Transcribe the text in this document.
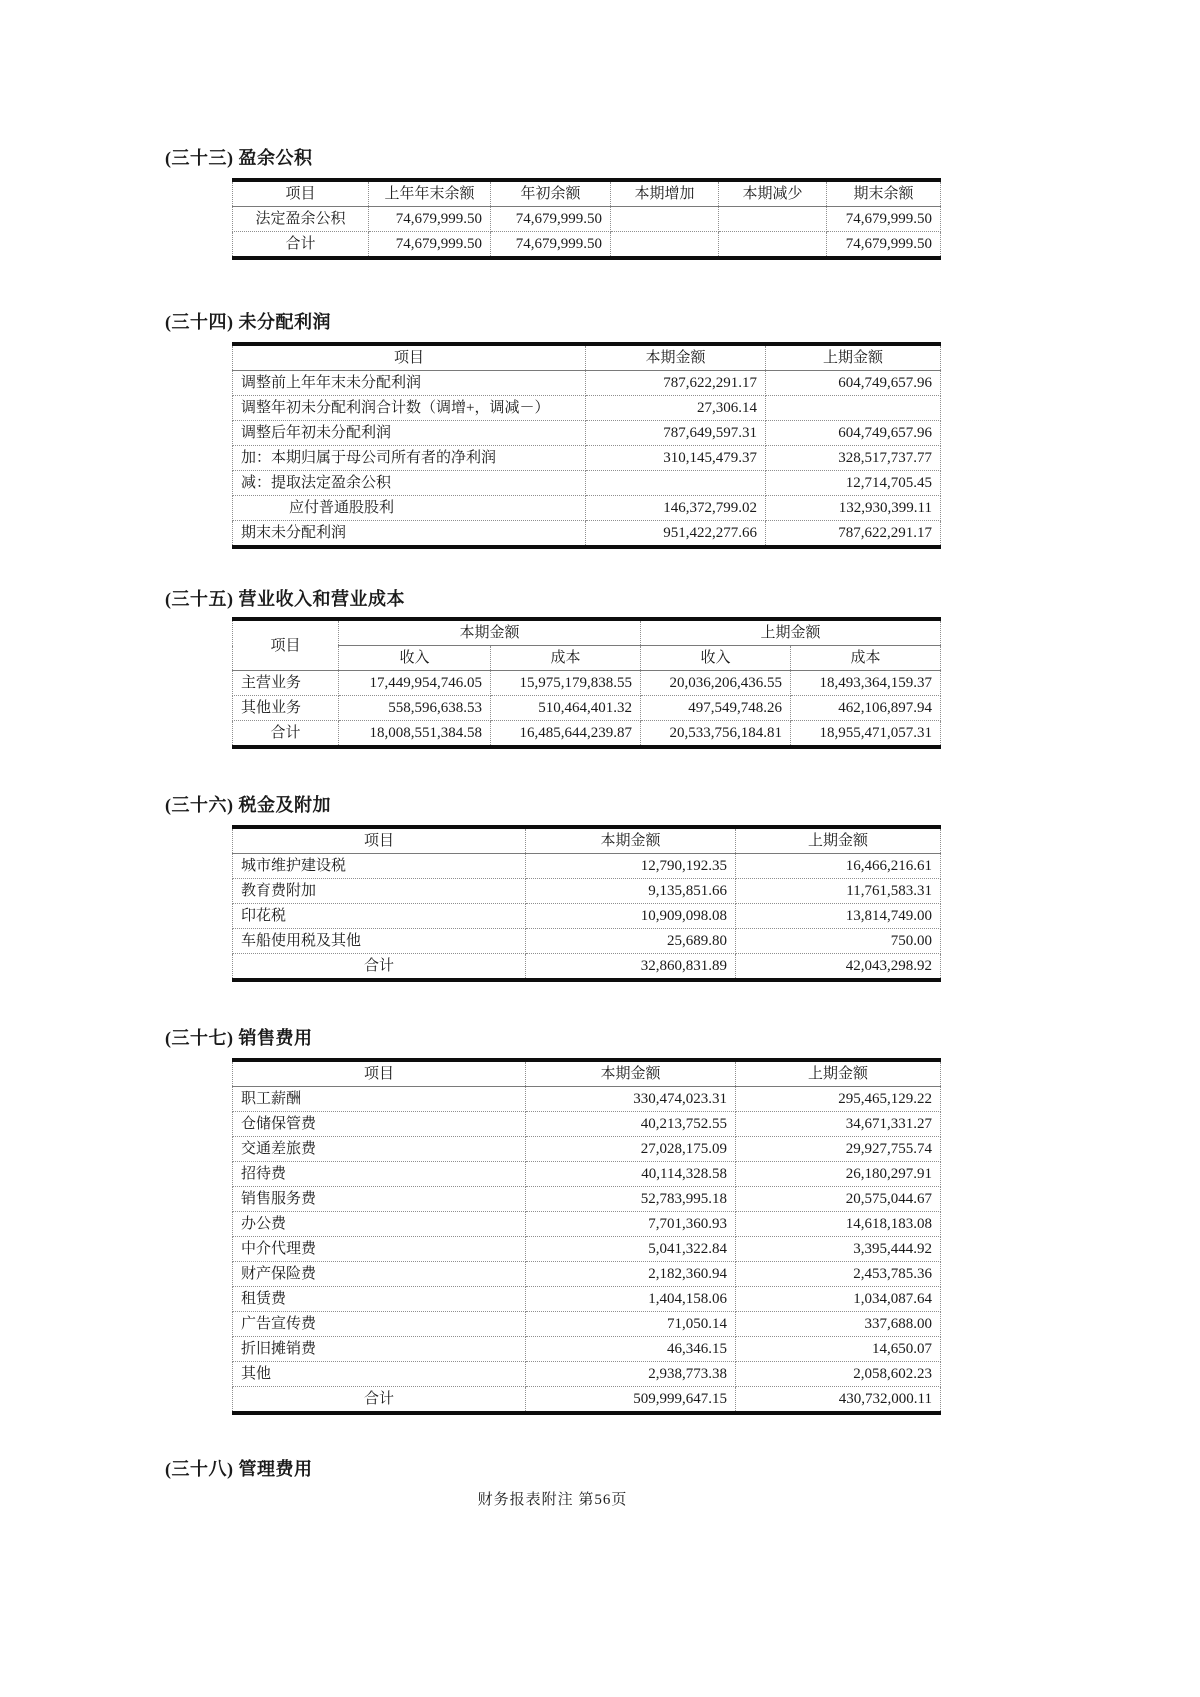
(三十三) 盈余公积
项目	上年年末余额	年初余额	本期增加	本期减少	期末余额
法定盈余公积	74,679,999.50	74,679,999.50			74,679,999.50
合计	74,679,999.50	74,679,999.50			74,679,999.50
(三十四) 未分配利润
项目	本期金额	上期金额
调整前上年年末未分配利润	787,622,291.17	604,749,657.96
调整年初未分配利润合计数（调增+，调减－）	27,306.14	
调整后年初未分配利润	787,649,597.31	604,749,657.96
加：本期归属于母公司所有者的净利润	310,145,479.37	328,517,737.77
减：提取法定盈余公积		12,714,705.45
应付普通股股利	146,372,799.02	132,930,399.11
期末未分配利润	951,422,277.66	787,622,291.17
(三十五) 营业收入和营业成本
项目	本期金额		上期金额	
	收入	成本	收入	成本
主营业务	17,449,954,746.05	15,975,179,838.55	20,036,206,436.55	18,493,364,159.37
其他业务	558,596,638.53	510,464,401.32	497,549,748.26	462,106,897.94
合计	18,008,551,384.58	16,485,644,239.87	20,533,756,184.81	18,955,471,057.31
(三十六) 税金及附加
项目	本期金额	上期金额
城市维护建设税	12,790,192.35	16,466,216.61
教育费附加	9,135,851.66	11,761,583.31
印花税	10,909,098.08	13,814,749.00
车船使用税及其他	25,689.80	750.00
合计	32,860,831.89	42,043,298.92
(三十七) 销售费用
项目	本期金额	上期金额
职工薪酬	330,474,023.31	295,465,129.22
仓储保管费	40,213,752.55	34,671,331.27
交通差旅费	27,028,175.09	29,927,755.74
招待费	40,114,328.58	26,180,297.91
销售服务费	52,783,995.18	20,575,044.67
办公费	7,701,360.93	14,618,183.08
中介代理费	5,041,322.84	3,395,444.92
财产保险费	2,182,360.94	2,453,785.36
租赁费	1,404,158.06	1,034,087.64
广告宣传费	71,050.14	337,688.00
折旧摊销费	46,346.15	14,650.07
其他	2,938,773.38	2,058,602.23
合计	509,999,647.15	430,732,000.11
(三十八) 管理费用
财务报表附注 第56页
